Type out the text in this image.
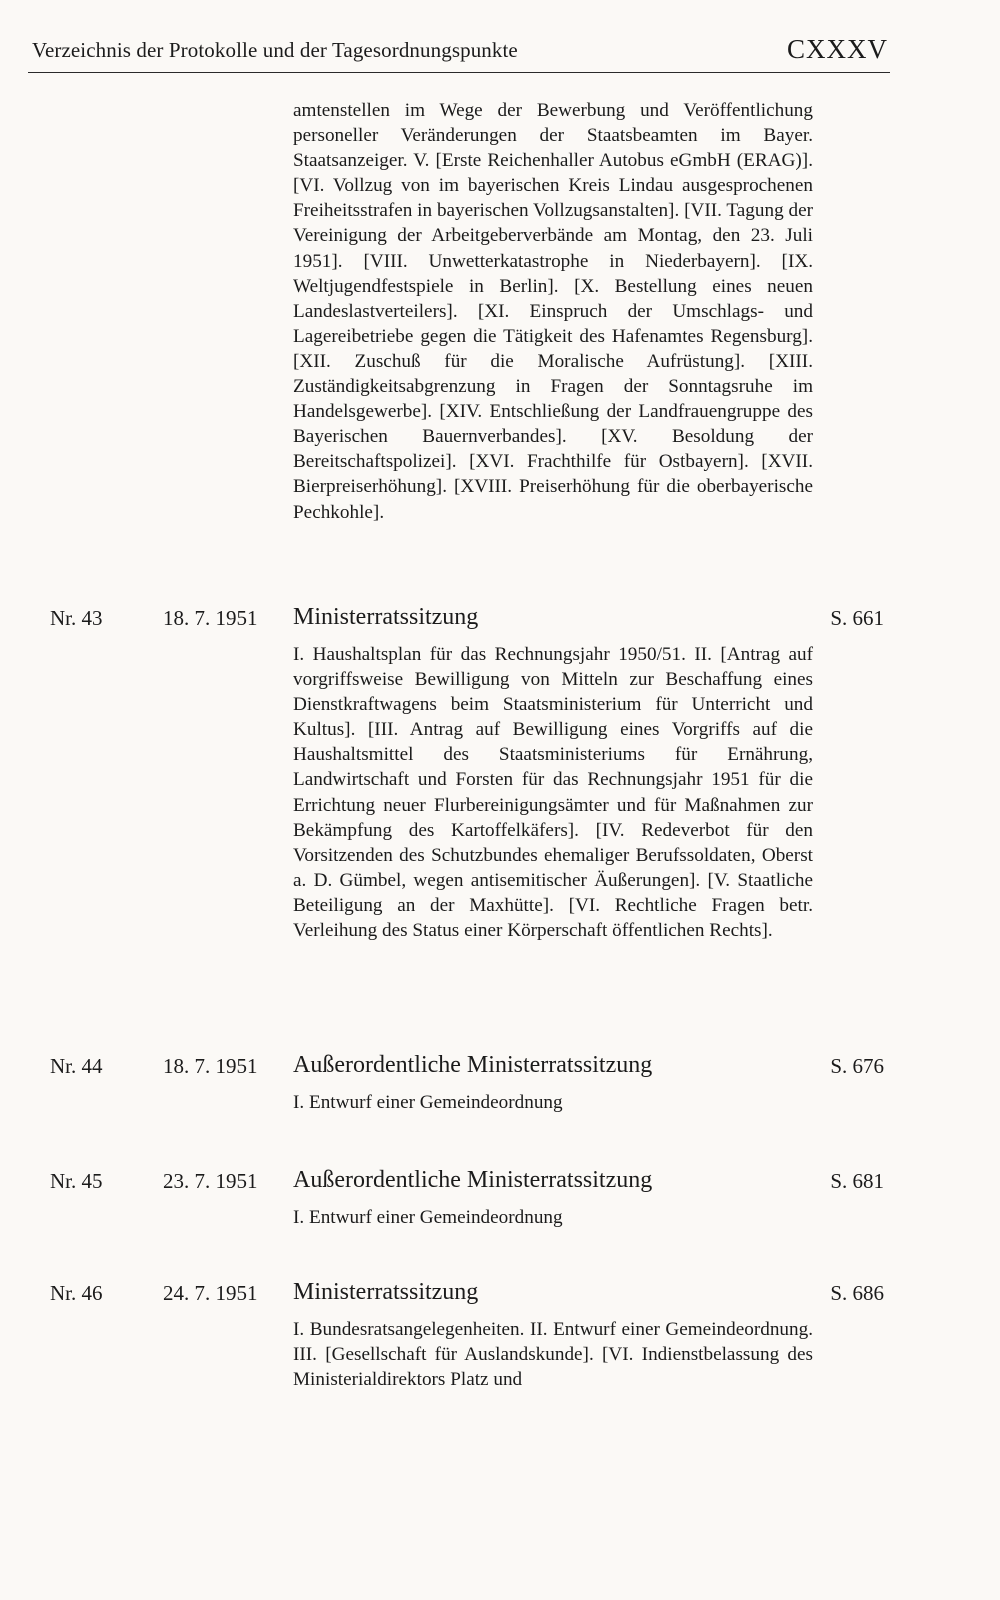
Verzeichnis der Protokolle und der Tagesordnungspunkte	CXXXV
amtenstellen im Wege der Bewerbung und Veröffentlichung personeller Veränderungen der Staatsbeamten im Bayer. Staatsanzeiger. V. [Erste Reichenhaller Autobus eGmbH (ERAG)]. [VI. Vollzug von im bayerischen Kreis Lindau ausgesprochenen Freiheitsstrafen in bayerischen Vollzugsanstalten]. [VII. Tagung der Vereinigung der Arbeitgeberverbände am Montag, den 23. Juli 1951]. [VIII. Unwetterkatastrophe in Niederbayern]. [IX. Weltjugendfestspiele in Berlin]. [X. Bestellung eines neuen Landeslastverteilers]. [XI. Einspruch der Umschlags- und Lagereibetriebe gegen die Tätigkeit des Hafenamtes Regensburg]. [XII. Zuschuß für die Moralische Aufrüstung]. [XIII. Zuständigkeitsabgrenzung in Fragen der Sonntagsruhe im Handelsgewerbe]. [XIV. Entschließung der Landfrauengruppe des Bayerischen Bauernverbandes]. [XV. Besoldung der Bereitschaftspolizei]. [XVI. Frachthilfe für Ostbayern]. [XVII. Bierpreiserhöhung]. [XVIII. Preiserhöhung für die oberbayerische Pechkohle].
Nr. 43	18. 7. 1951 Ministerratssitzung	S. 661
I. Haushaltsplan für das Rechnungsjahr 1950/51. II. [Antrag auf vorgriffsweise Bewilligung von Mitteln zur Beschaffung eines Dienstkraftwagens beim Staatsministerium für Unterricht und Kultus]. [III. Antrag auf Bewilligung eines Vorgriffs auf die Haushaltsmittel des Staatsministeriums für Ernährung, Landwirtschaft und Forsten für das Rechnungsjahr 1951 für die Errichtung neuer Flurbereinigungsämter und für Maßnahmen zur Bekämpfung des Kartoffelkäfers]. [IV. Redeverbot für den Vorsitzenden des Schutzbundes ehemaliger Berufssoldaten, Oberst a. D. Gümbel, wegen antisemitischer Äußerungen]. [V. Staatliche Beteiligung an der Maxhütte]. [VI. Rechtliche Fragen betr. Verleihung des Status einer Körperschaft öffentlichen Rechts].
Nr. 44	18. 7. 1951 Außerordentliche Ministerratssitzung	S. 676
I. Entwurf einer Gemeindeordnung
Nr. 45	23. 7. 1951 Außerordentliche Ministerratssitzung	S. 681
I. Entwurf einer Gemeindeordnung
Nr. 46	24. 7. 1951 Ministerratssitzung	S. 686
I. Bundesratsangelegenheiten. II. Entwurf einer Gemeindeordnung. III. [Gesellschaft für Auslandskunde]. [VI. Indienstbelassung des Ministerialdirektors Platz und
